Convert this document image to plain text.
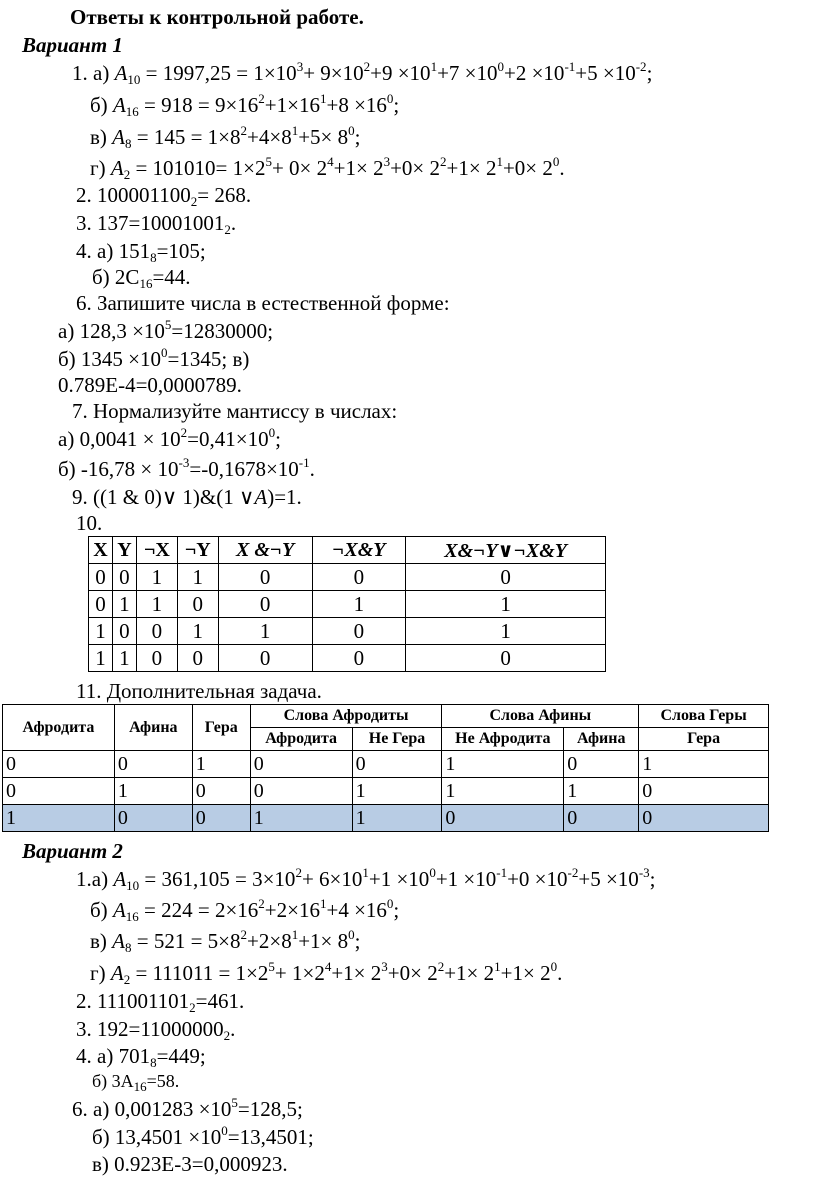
Ответы к контрольной работе.
Вариант 1
1. а) $A_{10} = 1997,25 = 1\times 10^3+ 9\times 10^2+9 \times 10^1+7 \times 10^0+2 \times 10^{-1}+5 \times 10^{-2}$;
б) $A_{16} = 918 = 9\times 16^2+1\times 16^1+8 \times 16^0$;
в) $A_8 = 145 = 1\times 8^2+4\times 8^1+5\times 8^0$;
г) $A_2 = 101010= 1\times 2^5+ 0\times 2^4+1\times 2^3+0\times 2^2+1\times 2^1+0\times 2^0$.
2. $100001100_2= 268$.
3. $137=10001001_2$.
4. а) $151_8=105$;
б) $2С_{16}=44$.
6. Запишите числа в естественной форме:
а) $128,3 \times 10^5=12830000$;
б) $1345 \times 10^0=1345$; в)
0.789Е-4=0,0000789.
7. Нормализуйте мантиссу в числах:
а) $0,0041 \times 10^2=0,41\times 10^0$;
б) $-16,78 \times 10^{-3}=-0,1678\times 10^{-1}$.
9. ((1 & 0)∨ 1)&(1 ∨A)=1.
10.
X	Y	¬X	¬Y	X &¬Y	¬X&Y	X&¬Y∨¬X&Y
0	0	1	1	0	0	0
0	1	1	0	0	1	1
1	0	0	1	1	0	1
1	1	0	0	0	0	0
11. Дополнительная задача.
Афродита	Афина	Гера	Слова Афродиты		Слова Афины		Слова Геры
			Афродита	Не Гера	Не Афродита	Афина	Гера
0	0	1	0	0	1	0	1
0	1	0	0	1	1	1	0
1	0	0	1	1	0	0	0
Вариант 2
1.а) $A_{10} = 361,105 = 3\times 10^2+ 6\times 10^1+1 \times 10^0+1 \times 10^{-1}+0 \times 10^{-2}+5 \times 10^{-3}$;
б) $A_{16} = 224 = 2\times 16^2+2\times 16^1+4 \times 16^0$;
в) $A_8 = 521 = 5\times 8^2+2\times 8^1+1\times 8^0$;
г) $A_2 = 111011 = 1\times 2^5+ 1\times 2^4+1\times 2^3+0\times 2^2+1\times 2^1+1\times 2^0$.
2. $111001101_2=461$.
3. $192=11000000_2$.
4. а) $701_8=449$;
б) $3А_{16}=58$.
6. а) $0,001283 \times 10^5=128,5$;
б) $13,4501 \times 10^0=13,4501$;
в) 0.923Е-3=0,000923.
